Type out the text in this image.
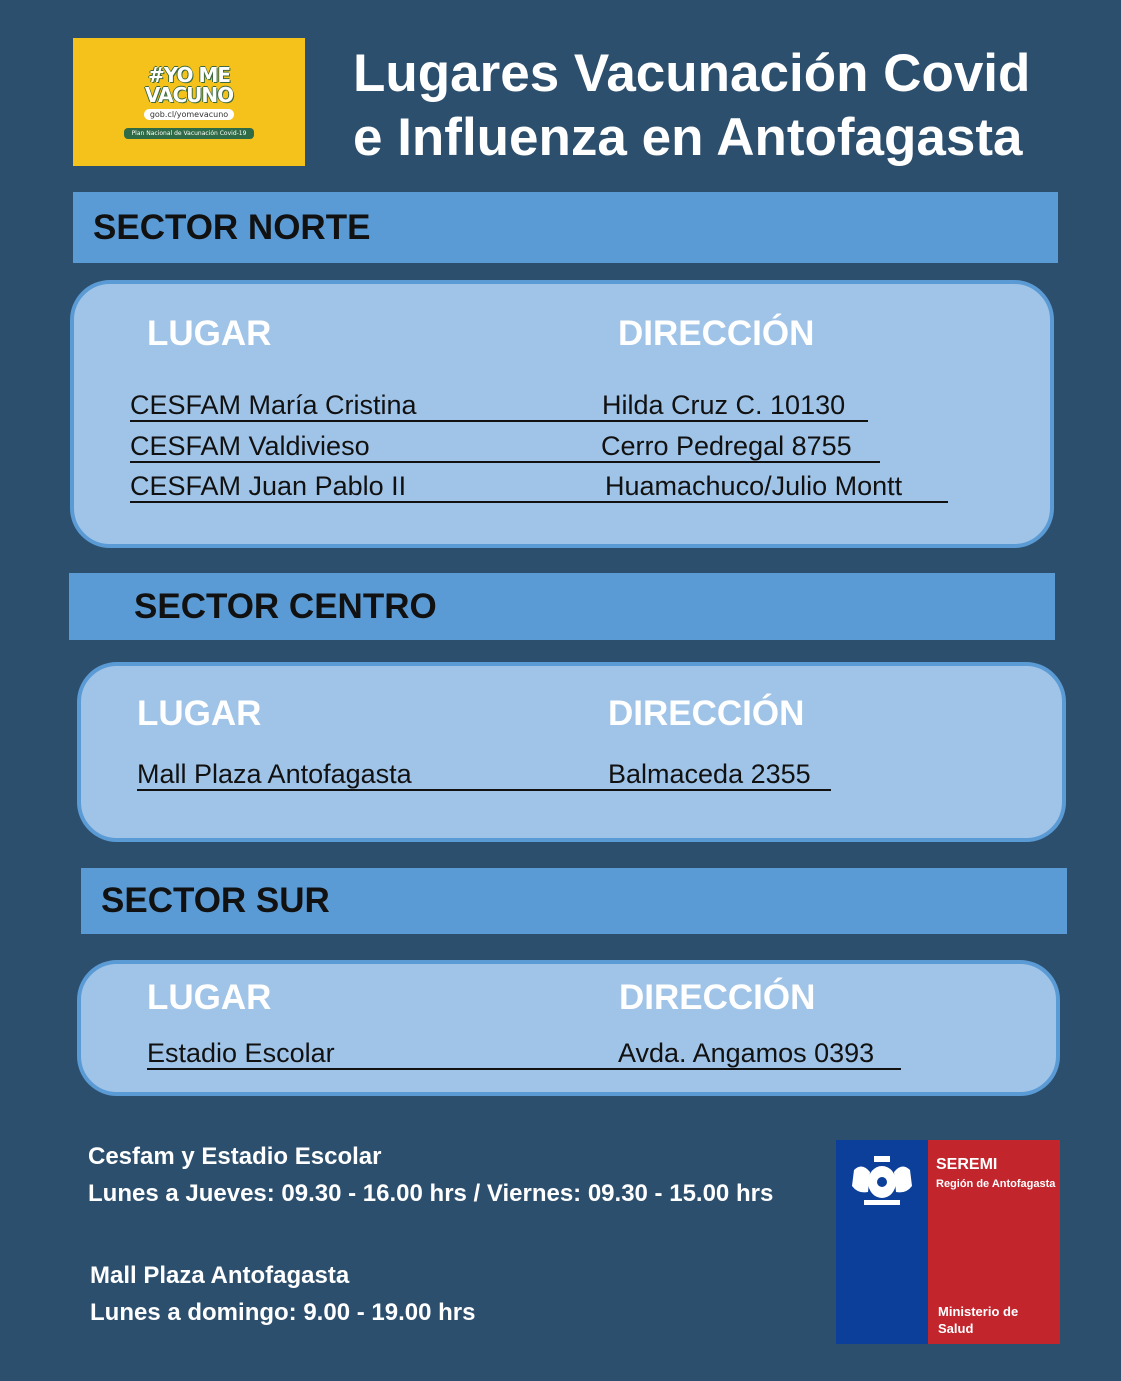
#YO ME
VACUNO
gob.cl/yomevacuno
Plan Nacional de Vacunación Covid-19
Lugares Vacunación Covid
e Influenza en Antofagasta
SECTOR NORTE
LUGAR	DIRECCIÓN
CESFAM María Cristina	Hilda Cruz C. 10130
CESFAM Valdivieso	Cerro Pedregal 8755
CESFAM Juan Pablo II	Huamachuco/Julio Montt
SECTOR CENTRO
LUGAR	DIRECCIÓN
Mall Plaza Antofagasta	Balmaceda 2355
SECTOR SUR
LUGAR	DIRECCIÓN
Estadio Escolar	Avda. Angamos 0393
Cesfam y Estadio Escolar
Lunes a Jueves: 09.30 - 16.00 hrs / Viernes: 09.30 - 15.00 hrs
Mall Plaza Antofagasta
Lunes a domingo: 9.00 - 19.00 hrs
SEREMI
Región de Antofagasta
Ministerio de
Salud
